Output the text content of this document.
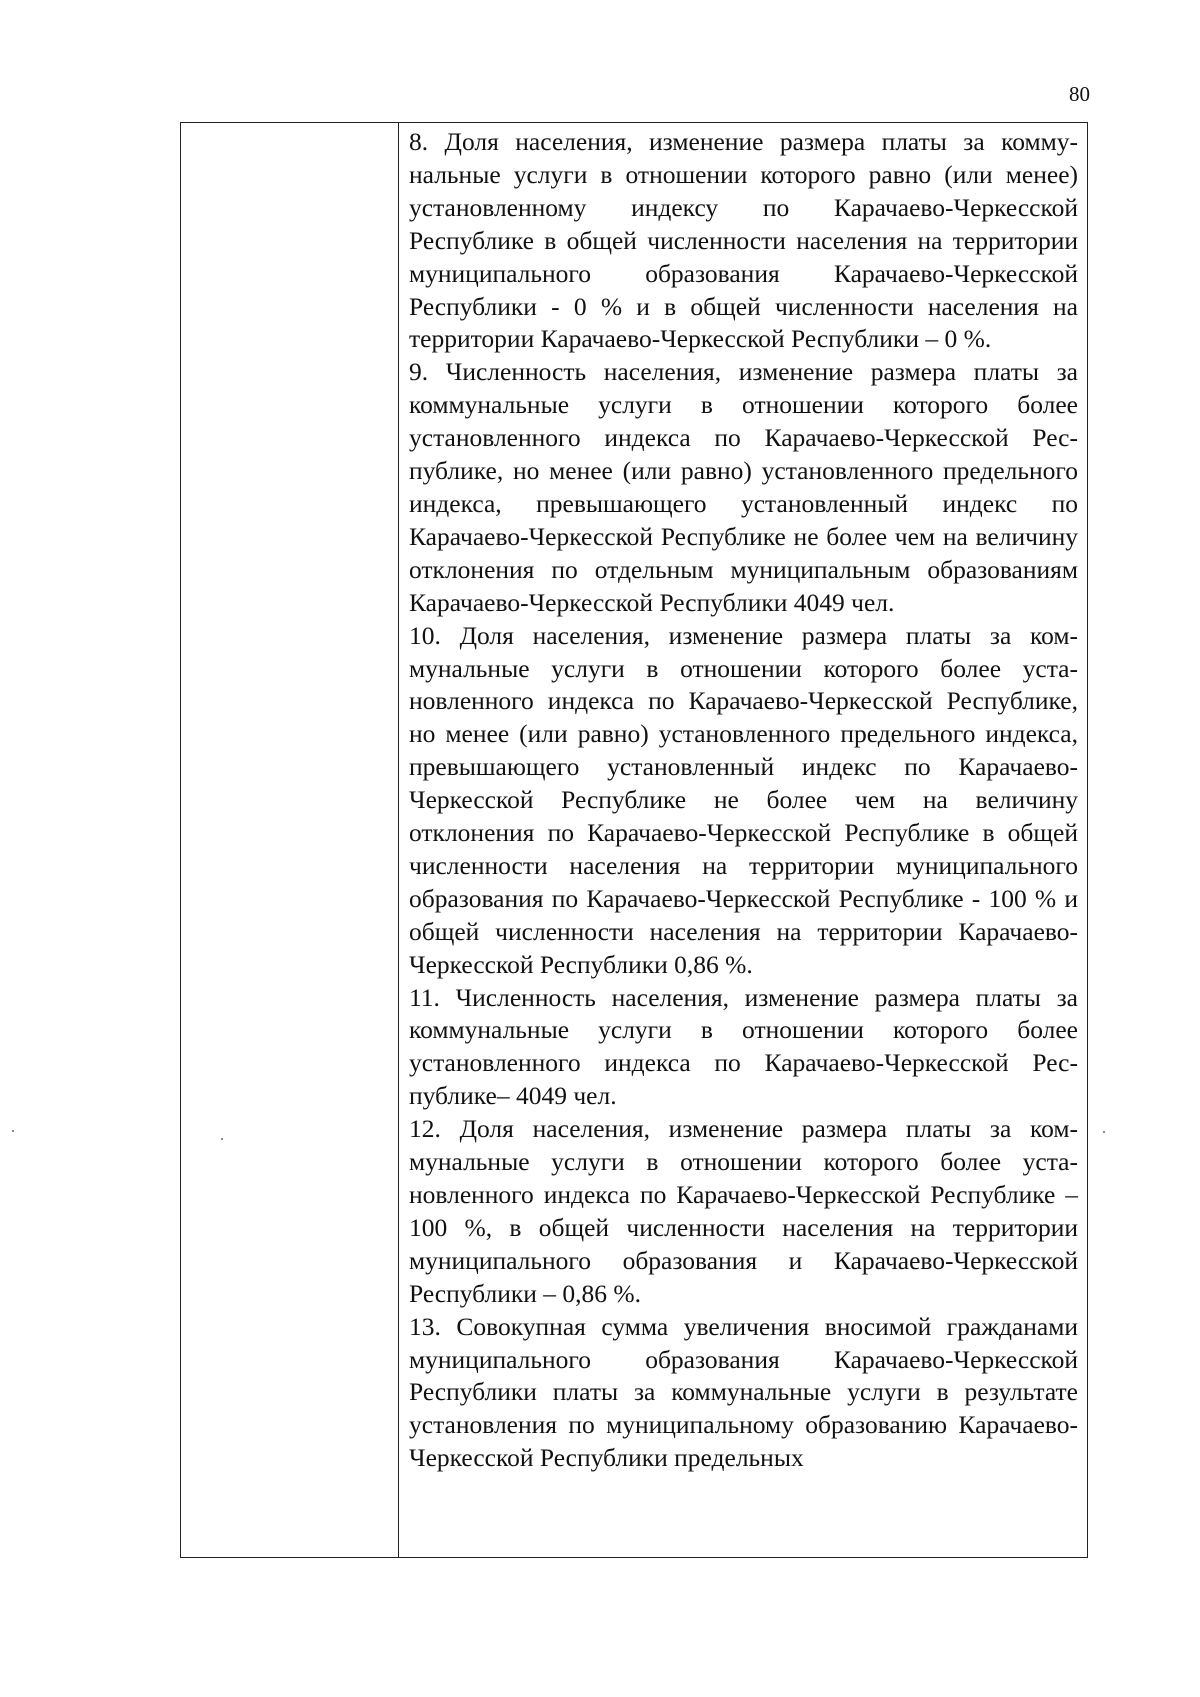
80

8. Доля населения, изменение размера платы за коммунальные услуги в отношении которого равно (или менее) установленному индексу по Карачаево-Черкесской Республике в общей численности населения на территории муниципального образования Карачаево-Черкесской Республики - 0 % и в общей численности населения на территории Карачаево-Черкесской Республики – 0 %.

9. Численность населения, изменение размера платы за коммунальные услуги в отношении которого более установленного индекса по Карачаево-Черкесской Республике, но менее (или равно) установленного предельного индекса, превышающего установленный индекс по Карачаево-Черкесской Республике не более чем на величину отклонения по отдельным муниципальным образованиям Карачаево-Черкесской Республики 4049 чел.

10. Доля населения, изменение размера платы за коммунальные услуги в отношении которого более установленного индекса по Карачаево-Черкесской Республике, но менее (или равно) установленного предельного индекса, превышающего установленный индекс по Карачаево-Черкесской Республике не более чем на величину отклонения по Карачаево-Черкесской Республике в общей численности населения на территории муниципального образования по Карачаево-Черкесской Республике - 100 % и общей численности населения на территории Карачаево-Черкесской Республики 0,86 %.

11. Численность населения, изменение размера платы за коммунальные услуги в отношении которого более установленного индекса по Карачаево-Черкесской Республике– 4049 чел.

12. Доля населения, изменение размера платы за коммунальные услуги в отношении которого более установленного индекса по Карачаево-Черкесской Республике – 100 %, в общей численности населения на территории муниципального образования и Карачаево-Черкесской Республики – 0,86 %.

13. Совокупная сумма увеличения вносимой гражданами муниципального образования Карачаево-Черкесской Республики платы за коммунальные услуги в результате установления по муниципальному образованию Карачаево-Черкесской Республики предельных
